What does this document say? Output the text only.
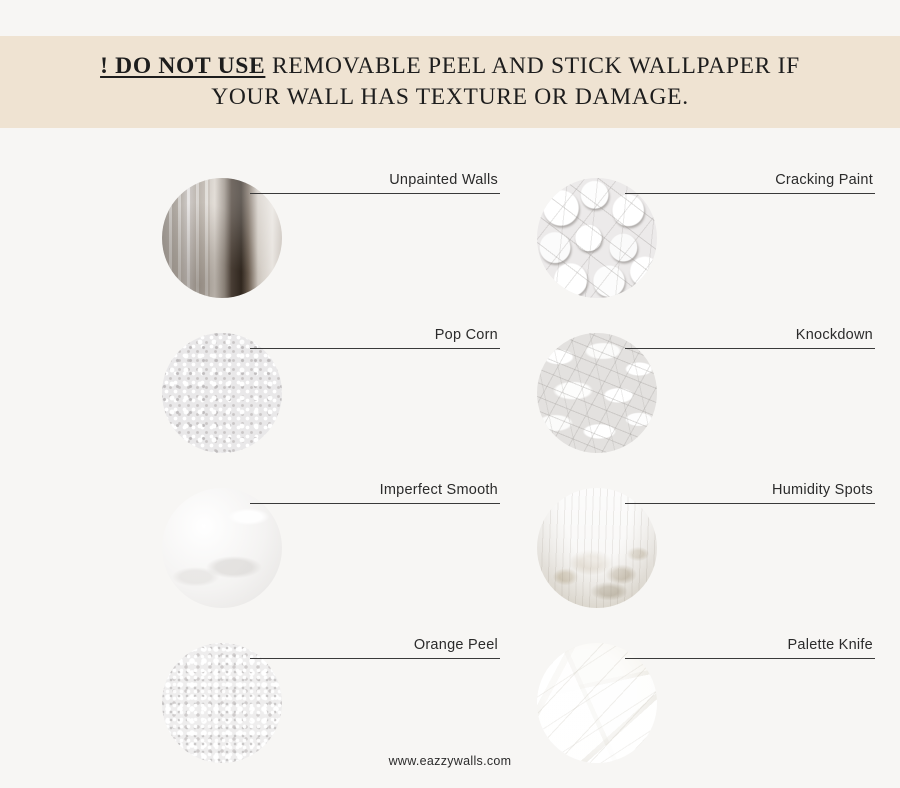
! DO NOT USE REMOVABLE PEEL AND STICK WALLPAPER IF
YOUR WALL HAS TEXTURE OR DAMAGE.
Unpainted Walls	Cracking Paint
Pop Corn	Knockdown
Imperfect Smooth	Humidity Spots
Orange Peel	Palette Knife
www.eazzywalls.com
